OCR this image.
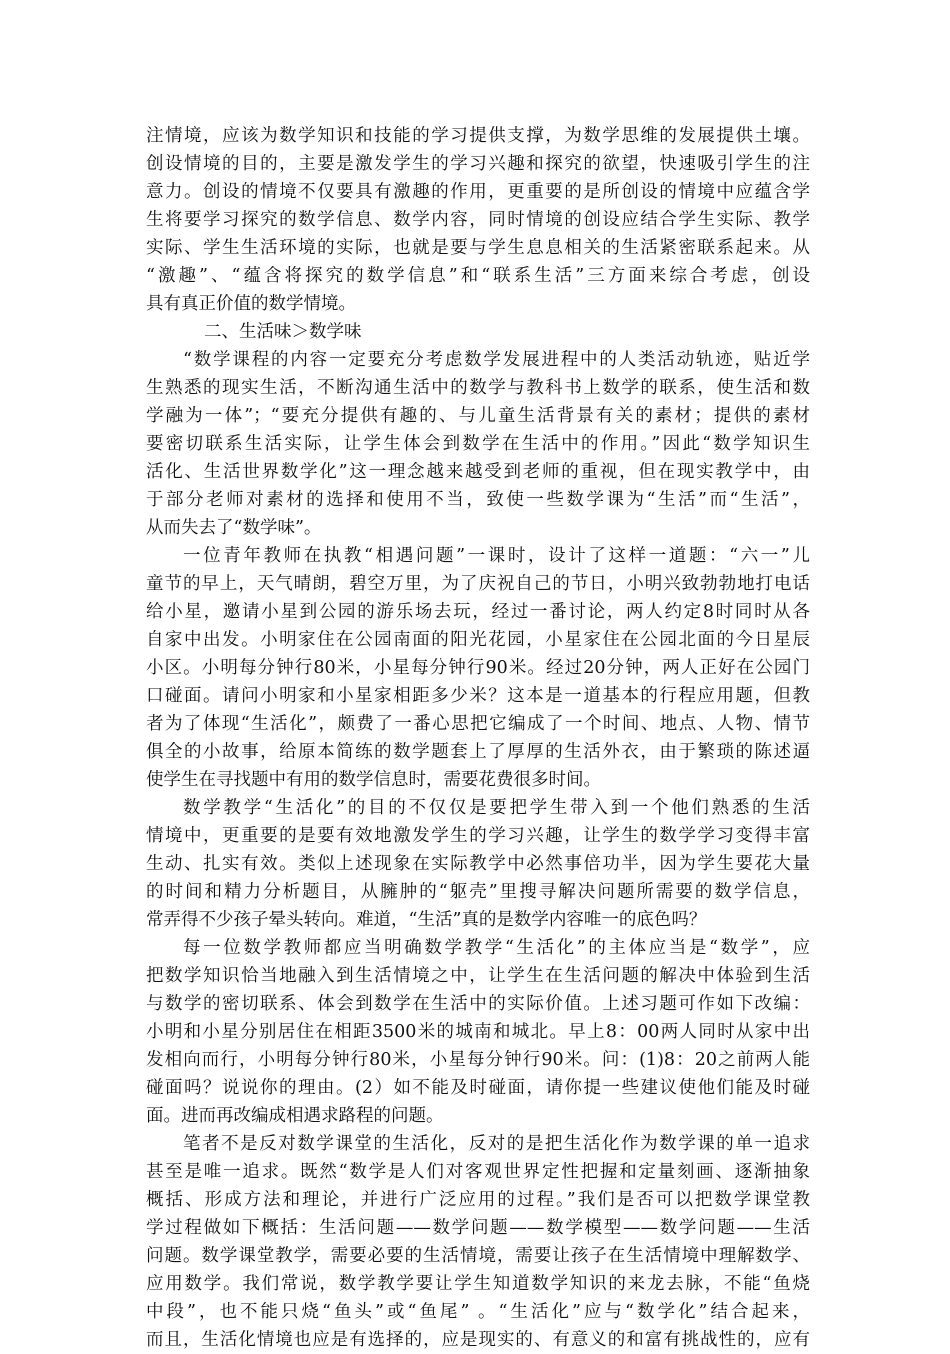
注情境，应该为数学知识和技能的学习提供支撑，为数学思维的发展提供土壤。
创设情境的目的，主要是激发学生的学习兴趣和探究的欲望，快速吸引学生的注
意力。创设的情境不仅要具有激趣的作用，更重要的是所创设的情境中应蕴含学
生将要学习探究的数学信息、数学内容，同时情境的创设应结合学生实际、教学
实际、学生生活环境的实际，也就是要与学生息息相关的生活紧密联系起来。从
“激趣”、“蕴含将探究的数学信息”和“联系生活”三方面来综合考虑，创设
具有真正价值的数学情境。
二、生活味＞数学味
“数学课程的内容一定要充分考虑数学发展进程中的人类活动轨迹，贴近学
生熟悉的现实生活，不断沟通生活中的数学与教科书上数学的联系，使生活和数
学融为一体”；“要充分提供有趣的、与儿童生活背景有关的素材；提供的素材
要密切联系生活实际，让学生体会到数学在生活中的作用。”因此“数学知识生
活化、生活世界数学化”这一理念越来越受到老师的重视，但在现实教学中，由
于部分老师对素材的选择和使用不当，致使一些数学课为“生活”而“生活”，
从而失去了“数学味”。
一位青年教师在执教“相遇问题”一课时，设计了这样一道题：“六一”儿
童节的早上，天气晴朗，碧空万里，为了庆祝自己的节日，小明兴致勃勃地打电话
给小星，邀请小星到公园的游乐场去玩，经过一番讨论，两人约定8时同时从各
自家中出发。小明家住在公园南面的阳光花园，小星家住在公园北面的今日星辰
小区。小明每分钟行80米，小星每分钟行90米。经过20分钟，两人正好在公园门
口碰面。请问小明家和小星家相距多少米？这本是一道基本的行程应用题，但教
者为了体现“生活化”，颇费了一番心思把它编成了一个时间、地点、人物、情节
俱全的小故事，给原本简练的数学题套上了厚厚的生活外衣，由于繁琐的陈述逼
使学生在寻找题中有用的数学信息时，需要花费很多时间。
数学教学“生活化”的目的不仅仅是要把学生带入到一个他们熟悉的生活
情境中，更重要的是要有效地激发学生的学习兴趣，让学生的数学学习变得丰富
生动、扎实有效。类似上述现象在实际教学中必然事倍功半，因为学生要花大量
的时间和精力分析题目，从臃肿的“躯壳”里搜寻解决问题所需要的数学信息，
常弄得不少孩子晕头转向。难道，“生活”真的是数学内容唯一的底色吗？
每一位数学教师都应当明确数学教学“生活化”的主体应当是“数学”，应
把数学知识恰当地融入到生活情境之中，让学生在生活问题的解决中体验到生活
与数学的密切联系、体会到数学在生活中的实际价值。上述习题可作如下改编：
小明和小星分别居住在相距3500米的城南和城北。早上8：00两人同时从家中出
发相向而行，小明每分钟行80米，小星每分钟行90米。问：(1)8：20之前两人能
碰面吗？说说你的理由。(2）如不能及时碰面，请你提一些建议使他们能及时碰
面。进而再改编成相遇求路程的问题。
笔者不是反对数学课堂的生活化，反对的是把生活化作为数学课的单一追求
甚至是唯一追求。既然“数学是人们对客观世界定性把握和定量刻画、逐渐抽象
概括、形成方法和理论，并进行广泛应用的过程。”我们是否可以把数学课堂教
学过程做如下概括：生活问题——数学问题——数学模型——数学问题——生活
问题。数学课堂教学，需要必要的生活情境，需要让孩子在生活情境中理解数学、
应用数学。我们常说，数学教学要让学生知道数学知识的来龙去脉，不能“鱼烧
中段”，也不能只烧“鱼头”或“鱼尾” 。“生活化”应与“数学化”结合起来，
而且，生活化情境也应是有选择的，应是现实的、有意义的和富有挑战性的，应有
